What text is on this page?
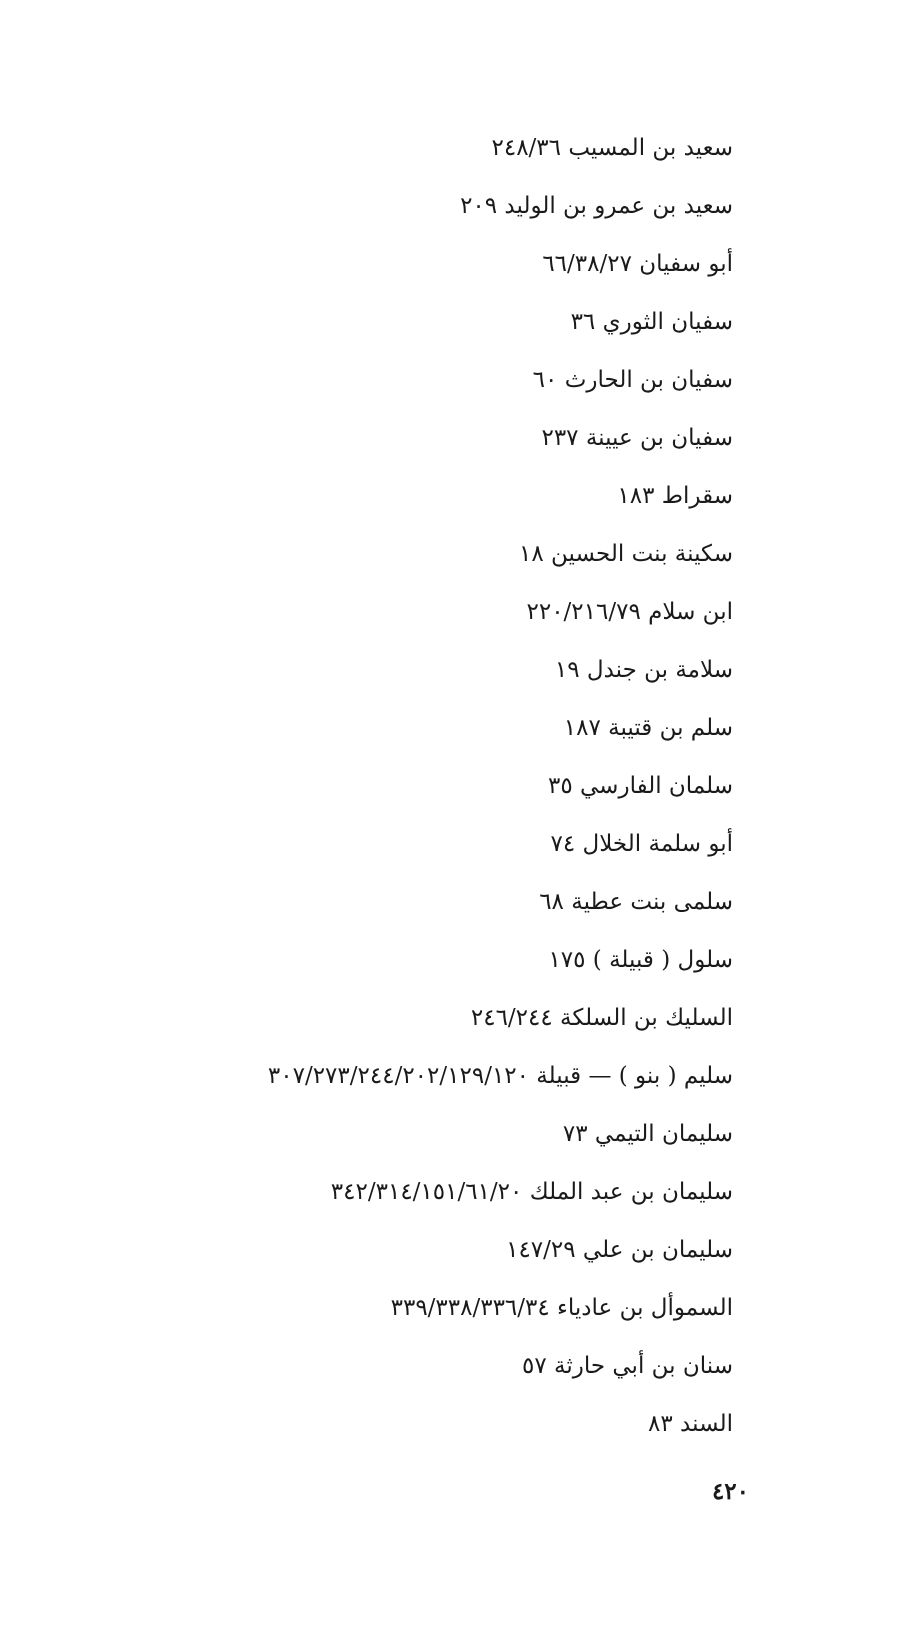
سعيد بن المسيب ٢٤٨/٣٦
سعيد بن عمرو بن الوليد ٢٠٩
أبو سفيان ٦٦/٣٨/٢٧
سفيان الثوري ٣٦
سفيان بن الحارث ٦٠
سفيان بن عيينة ٢٣٧
سقراط ١٨٣
سكينة بنت الحسين ١٨
ابن سلام ٢٢٠/٢١٦/٧٩
سلامة بن جندل ١٩
سلم بن قتيبة ١٨٧
سلمان الفارسي ٣٥
أبو سلمة الخلال ٧٤
سلمى بنت عطية ٦٨
سلول ( قبيلة ) ١٧٥
السليك بن السلكة ٢٤٦/٢٤٤
سليم ( بنو ) — قبيلة ٣٠٧/٢٧٣/٢٤٤/٢٠٢/١٢٩/١٢٠
سليمان التيمي ٧٣
سليمان بن عبد الملك ٣٤٢/٣١٤/١٥١/٦١/٢٠
سليمان بن علي ١٤٧/٢٩
السموأل بن عادياء ٣٣٩/٣٣٨/٣٣٦/٣٤
سنان بن أبي حارثة ٥٧
السند ٨٣
٤٢٠
